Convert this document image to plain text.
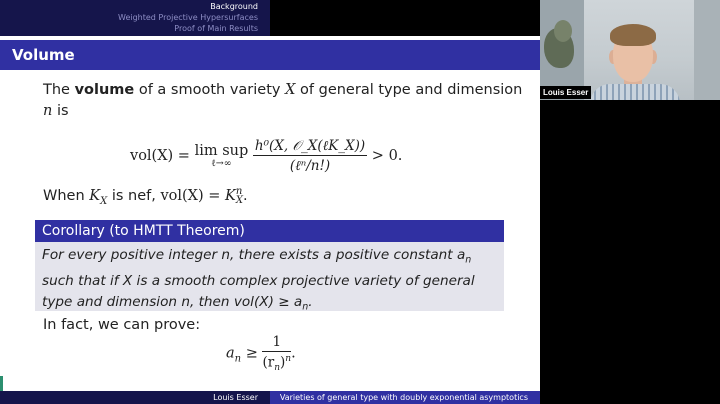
Background
Weighted Projective Hypersurfaces
Proof of Main Results
Volume
The volume of a smooth variety X of general type and dimension
n is
vol(X) = lim sup
ℓ→∞
	$\frac{\text{h⁰(X, 𝒪\_X(ℓK\_X))}}{\text{(ℓⁿ/n!)}} > 0$.
When $K_X$ is nef, vol(X) = K n
X .
Corollary (to HMTT Theorem)
For every positive integer n, there exists a positive constant $a_n$
such that if X is a smooth complex projective variety of general
type and dimension n, then $vol(X) \ge a_n$.
In fact, we can prove:
$a_n \ge \frac{1}{(r_n)^n}$ .
Louis Esser	Varieties of general type with doubly exponential asymptotics
Louis Esser
